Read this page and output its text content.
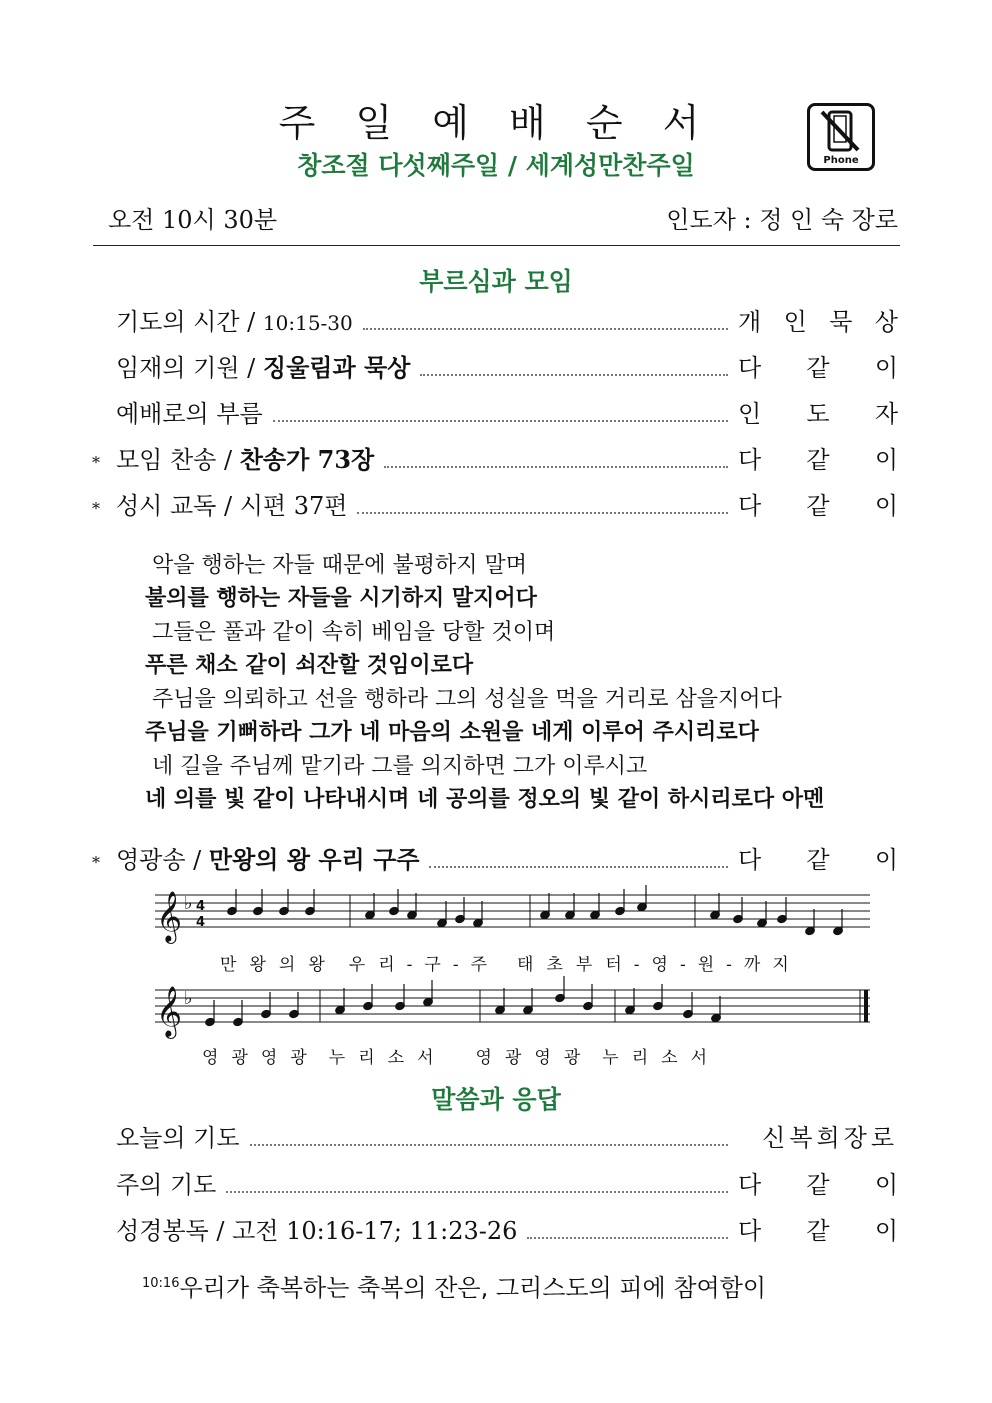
주 일 예 배 순 서
창조절 다섯째주일 / 세계성만찬주일	Phone
오전 10시 30분	인도자 : 정 인 숙 장로
부르심과 모임
기도의 시간 / 10:15-30	개 인 묵 상
임재의 기원 / 징울림과 묵상	다 같 이
예배로의 부름	인 도 자
* 모임 찬송 / 찬송가 73장	다 같 이
* 성시 교독 / 시편 37편	다 같 이
악을 행하는 자들 때문에 불평하지 말며
불의를 행하는 자들을 시기하지 말지어다
그들은 풀과 같이 속히 베임을 당할 것이며
푸른 채소 같이 쇠잔할 것임이로다
주님을 의뢰하고 선을 행하라 그의 성실을 먹을 거리로 삼을지어다
주님을 기뻐하라 그가 네 마음의 소원을 네게 이루어 주시리로다
네 길을 주님께 맡기라 그를 의지하면 그가 이루시고
네 의를 빛 같이 나타내시며 네 공의를 정오의 빛 같이 하시리로다 아멘
* 영광송 / 만왕의 왕 우리 구주	다 같 이
𝄞
𝄞
♭
♭
4
4
만 왕 의 왕 우 리 - 구 - 주 태 초 부 터 - 영 - 원 - 까 지
영 광 영 광 누 리 소 서 영 광 영 광 누 리 소 서
말씀과 응답
오늘의 기도	신복희장로
주의 기도	다 같 이
성경봉독 / 고전 10:16-17; 11:23-26	다 같 이
$^{10:16}$우리가 축복하는 축복의 잔은, 그리스도의 피에 참여함이
